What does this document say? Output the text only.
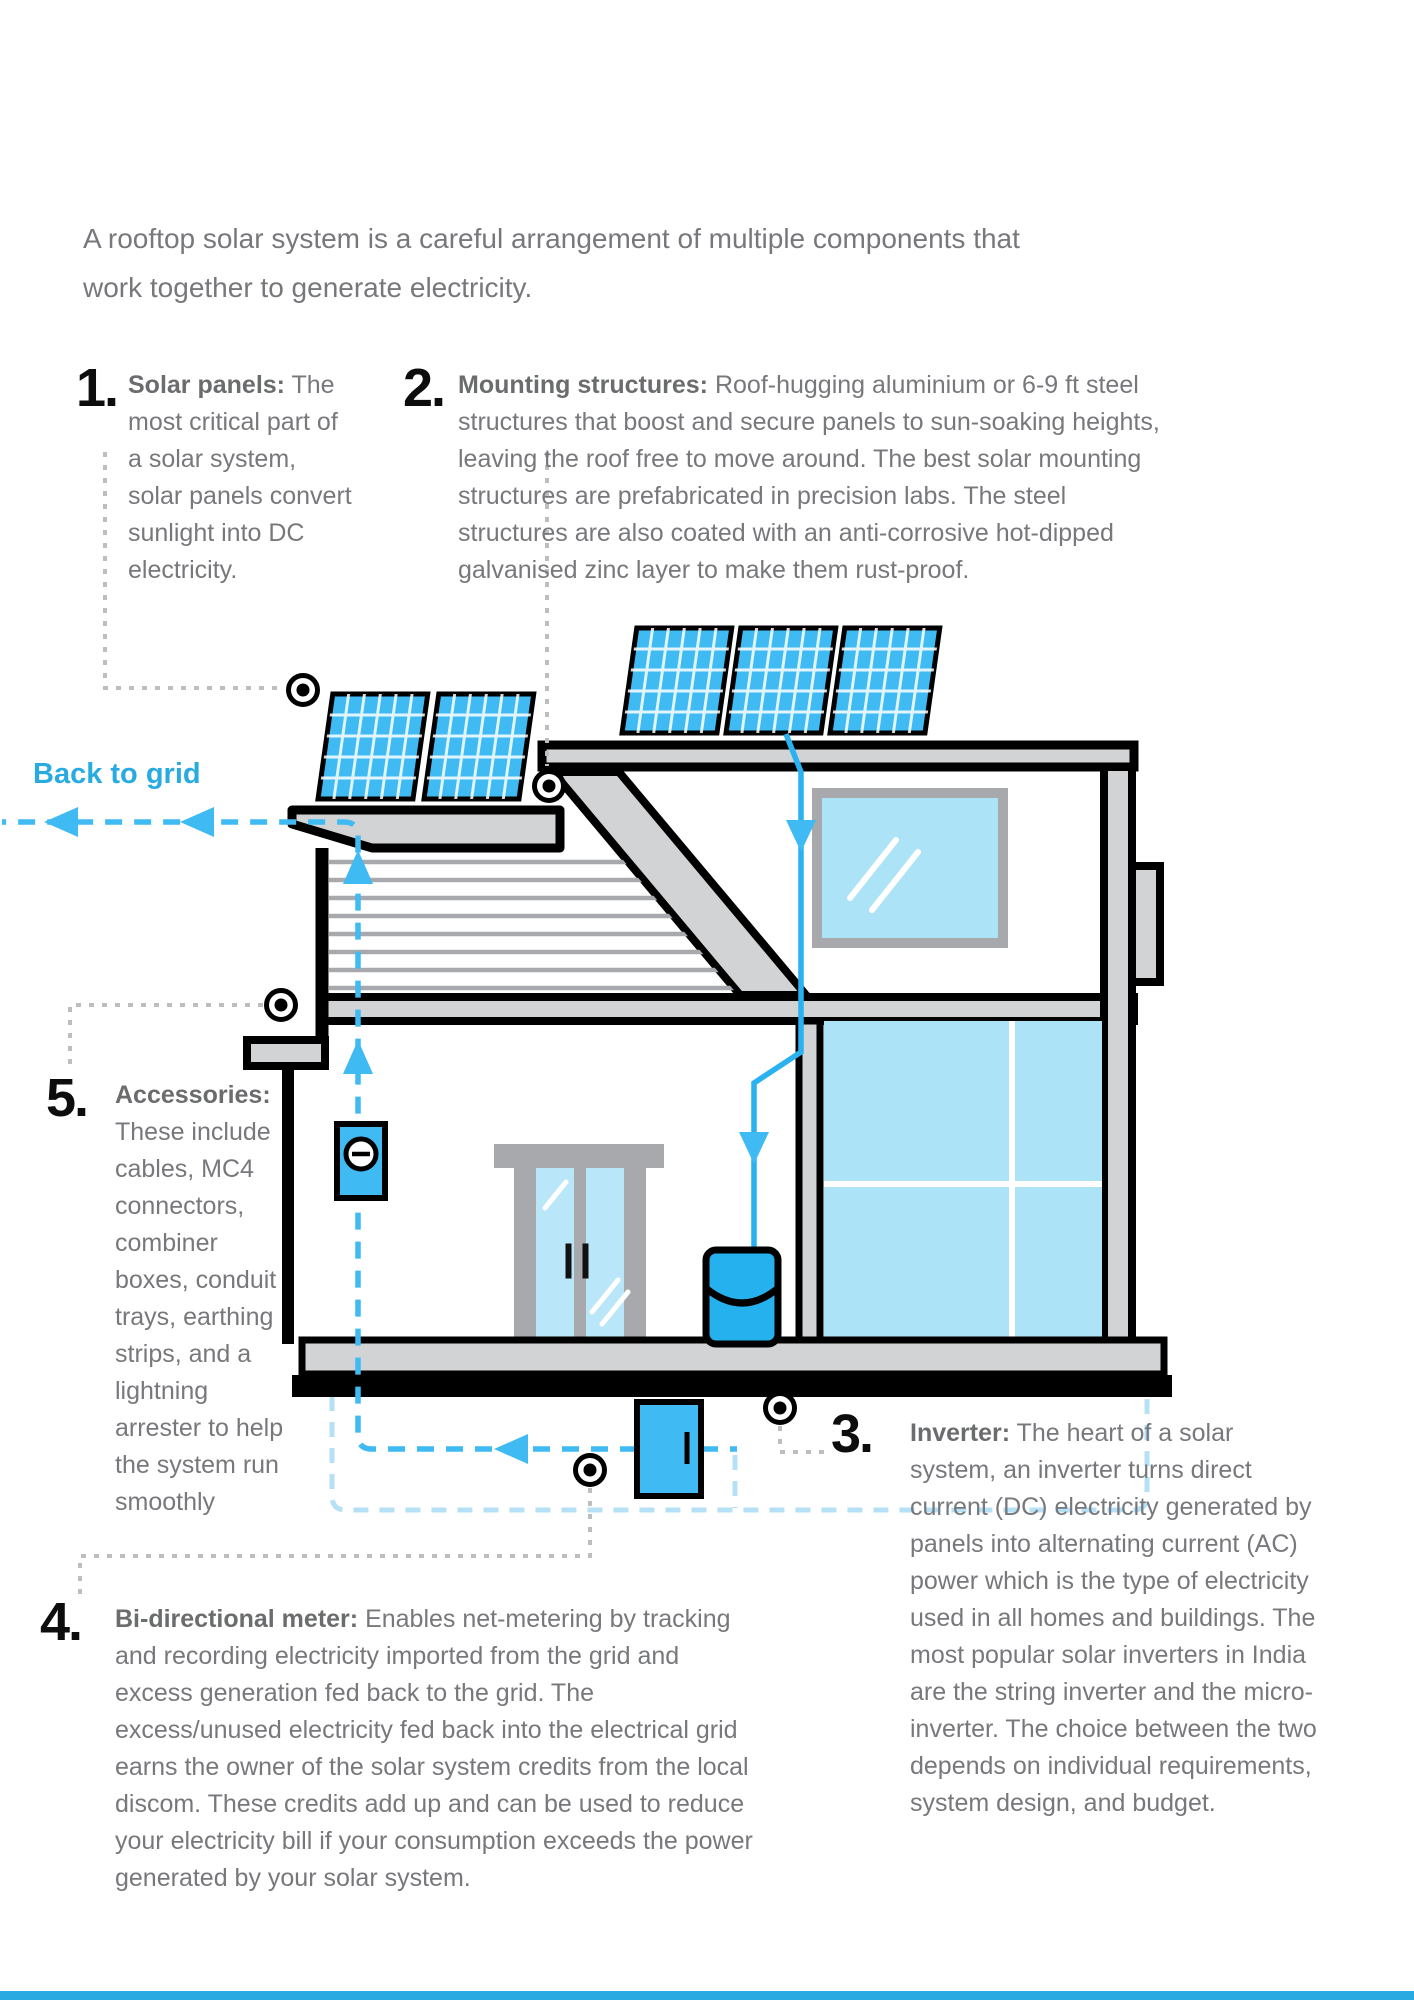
A rooftop solar system is a careful arrangement of multiple components that work together to generate electricity.
1. Solar panels: The most critical part of a solar system, solar panels convert sunlight into DC electricity.
2. Mounting structures: Roof-hugging aluminium or 6-9 ft steel structures that boost and secure panels to sun-soaking heights, leaving the roof free to move around. The best solar mounting structures are prefabricated in precision labs. The steel structures are also coated with an anti-corrosive hot-dipped galvanised zinc layer to make them rust-proof.
3. Inverter: The heart of a solar system, an inverter turns direct current (DC) electricity generated by panels into alternating current (AC) power which is the type of electricity used in all homes and buildings. The most popular solar inverters in India are the string inverter and the micro-inverter. The choice between the two depends on individual requirements, system design, and budget.
4. Bi-directional meter: Enables net-metering by tracking and recording electricity imported from the grid and excess generation fed back to the grid. The excess/unused electricity fed back into the electrical grid earns the owner of the solar system credits from the local discom. These credits add up and can be used to reduce your electricity bill if your consumption exceeds the power generated by your solar system.
5. Accessories:
These include cables, MC4 connectors, combiner boxes, conduit trays, earthing strips, and a lightning arrester to help the system run smoothly
Back to grid
